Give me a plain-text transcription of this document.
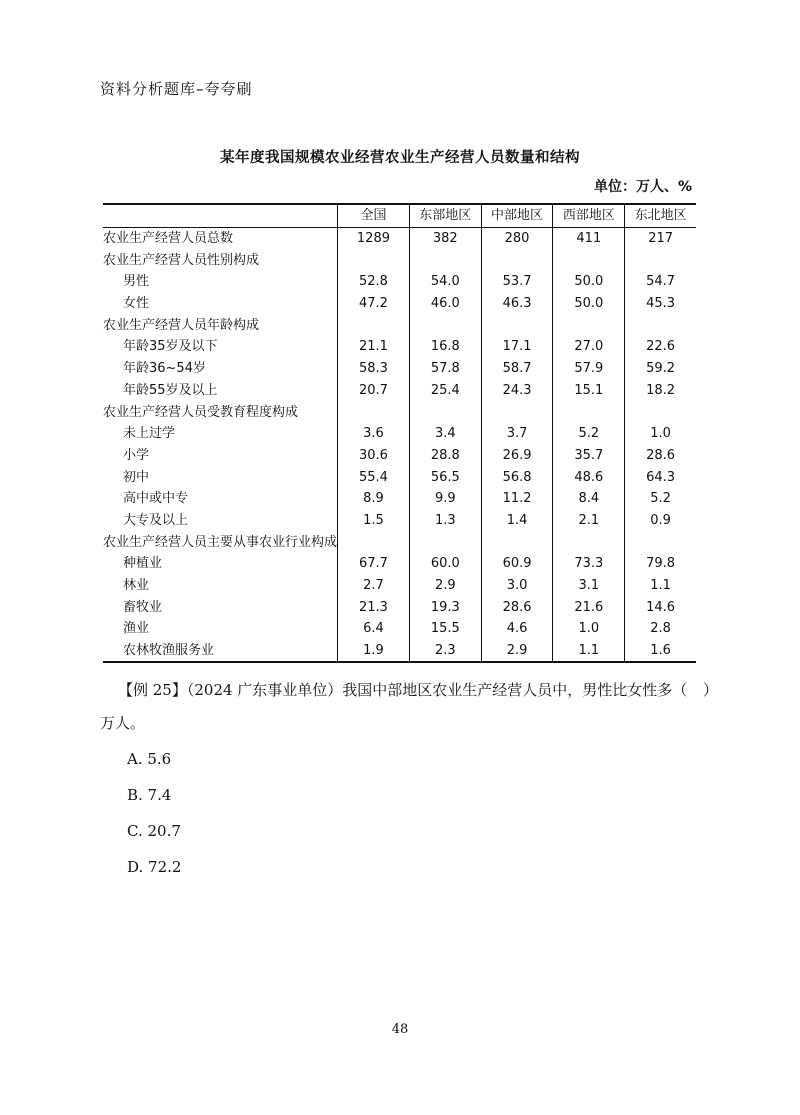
资料分析题库–夸夸刷
某年度我国规模农业经营农业生产经营人员数量和结构
单位：万人、%
	全国	东部地区	中部地区	西部地区	东北地区
农业生产经营人员总数	1289	382	280	411	217
农业生产经营人员性别构成					
男性	52.8	54.0	53.7	50.0	54.7
女性	47.2	46.0	46.3	50.0	45.3
农业生产经营人员年龄构成					
年龄35岁及以下	21.1	16.8	17.1	27.0	22.6
年龄36~54岁	58.3	57.8	58.7	57.9	59.2
年龄55岁及以上	20.7	25.4	24.3	15.1	18.2
农业生产经营人员受教育程度构成					
未上过学	3.6	3.4	3.7	5.2	1.0
小学	30.6	28.8	26.9	35.7	28.6
初中	55.4	56.5	56.8	48.6	64.3
高中或中专	8.9	9.9	11.2	8.4	5.2
大专及以上	1.5	1.3	1.4	2.1	0.9
农业生产经营人员主要从事农业行业构成					
种植业	67.7	60.0	60.9	73.3	79.8
林业	2.7	2.9	3.0	3.1	1.1
畜牧业	21.3	19.3	28.6	21.6	14.6
渔业	6.4	15.5	4.6	1.0	2.8
农林牧渔服务业	1.9	2.3	2.9	1.1	1.6
【例 25】（2024 广东事业单位）我国中部地区农业生产经营人员中，男性比女性多（ ）
万人。
A. 5.6
B. 7.4
C. 20.7
D. 72.2
48
